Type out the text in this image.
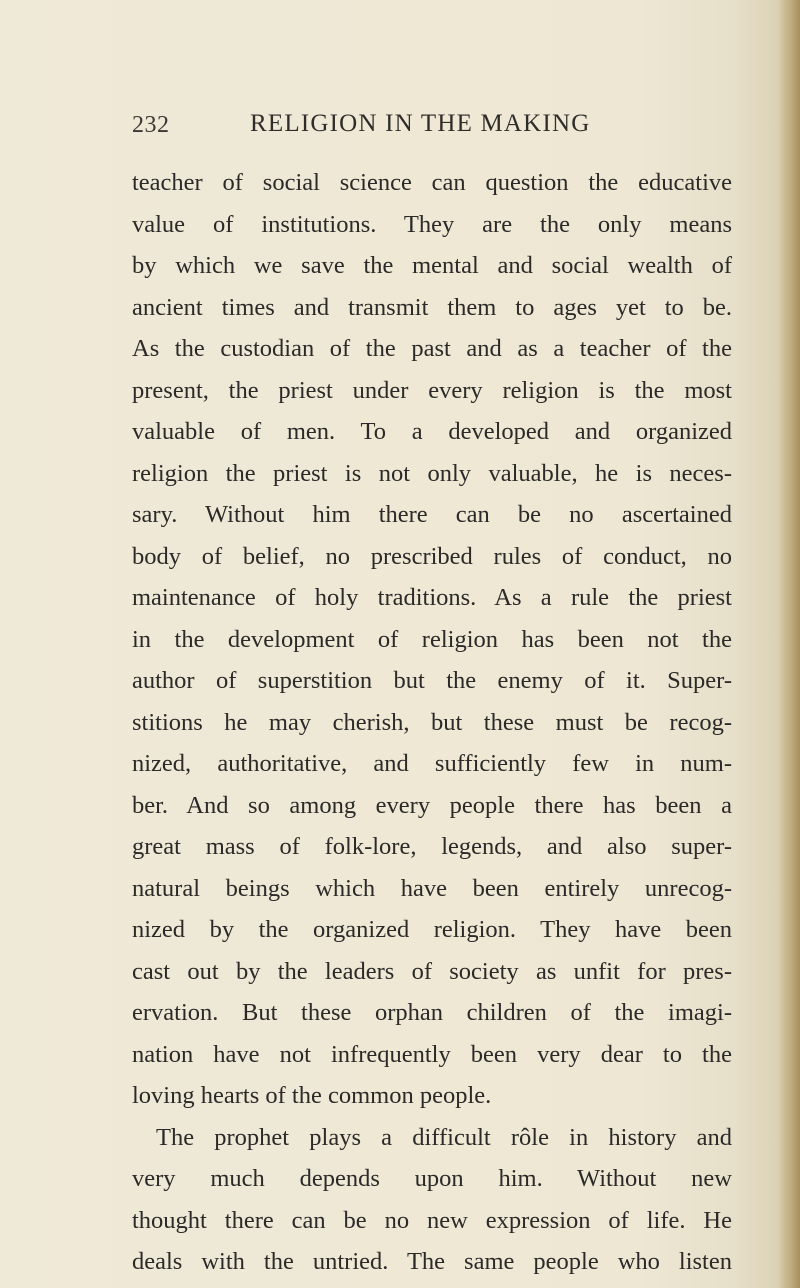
232	RELIGION IN THE MAKING
teacher of social science can question the educative
value of institutions. They are the only means
by which we save the mental and social wealth of
ancient times and transmit them to ages yet to be.
As the custodian of the past and as a teacher of the
present, the priest under every religion is the most
valuable of men. To a developed and organized
religion the priest is not only valuable, he is neces-
sary. Without him there can be no ascertained
body of belief, no prescribed rules of conduct, no
maintenance of holy traditions. As a rule the priest
in the development of religion has been not the
author of superstition but the enemy of it. Super-
stitions he may cherish, but these must be recog-
nized, authoritative, and sufficiently few in num-
ber. And so among every people there has been a
great mass of folk-lore, legends, and also super-
natural beings which have been entirely unrecog-
nized by the organized religion. They have been
cast out by the leaders of society as unfit for pres-
ervation. But these orphan children of the imagi-
nation have not infrequently been very dear to the
loving hearts of the common people.
The prophet plays a difficult rôle in history and
very much depends upon him. Without new
thought there can be no new expression of life. He
deals with the untried. The same people who listen
